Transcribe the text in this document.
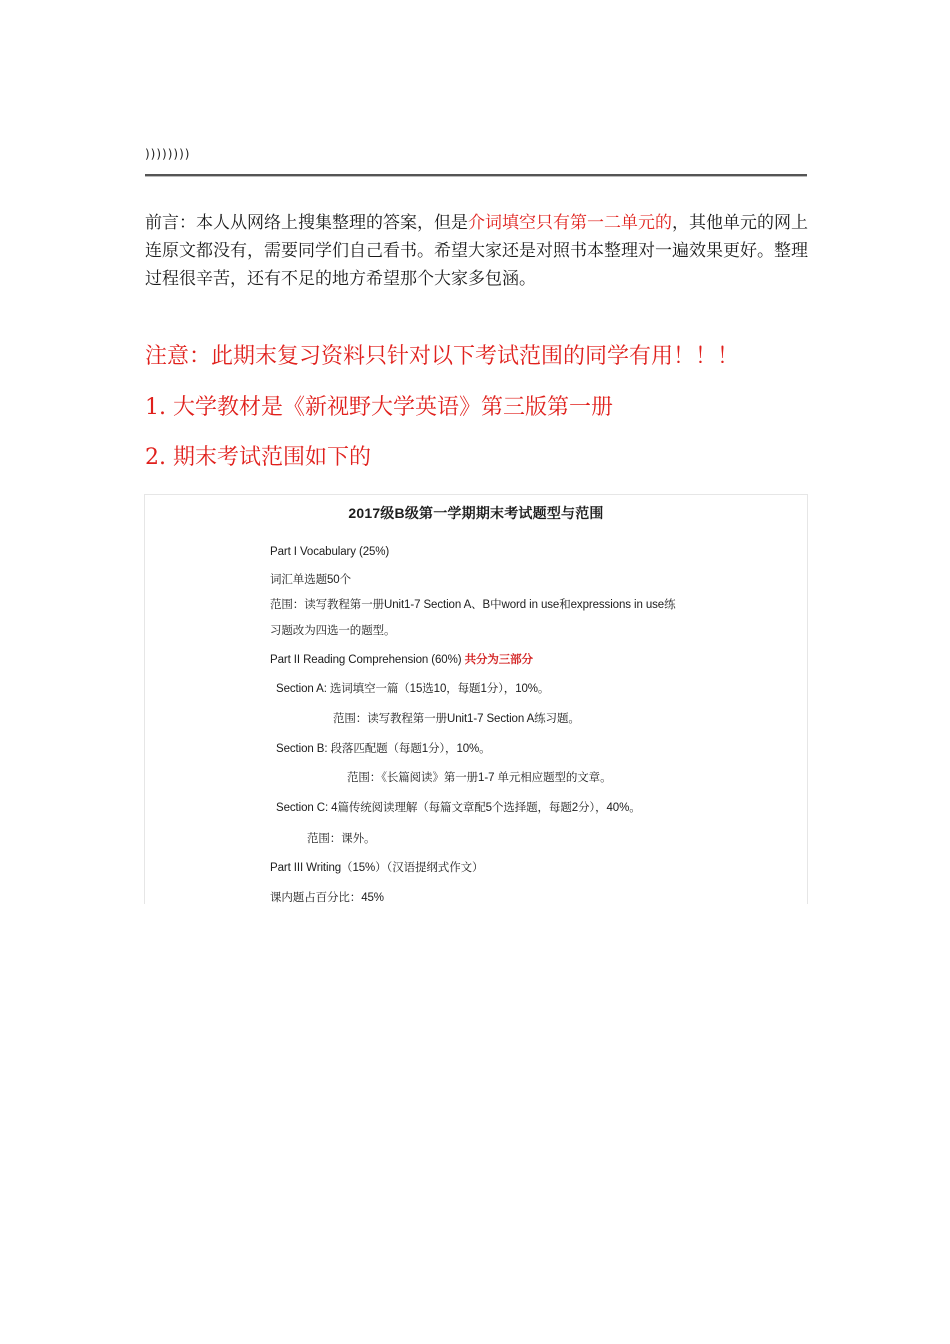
))))))))
前言：本人从网络上搜集整理的答案，但是介词填空只有第一二单元的，其他单元的网上连原文都没有，需要同学们自己看书。希望大家还是对照书本整理对一遍效果更好。整理过程很辛苦，还有不足的地方希望那个大家多包涵。
注意：此期末复习资料只针对以下考试范围的同学有用！！！
1. 大学教材是《新视野大学英语》第三版第一册
2. 期末考试范围如下的
2017级B级第一学期期末考试题型与范围
Part I Vocabulary (25%)
词汇单选题50个
范围：读写教程第一册Unit1-7 Section A、B中word in use和expressions in use练
习题改为四选一的题型。
Part II Reading Comprehension (60%) 共分为三部分
Section A: 选词填空一篇（15选10，每题1分），10%。
范围：读写教程第一册Unit1-7 Section A练习题。
Section B: 段落匹配题（每题1分），10%。
范围：《长篇阅读》第一册1-7 单元相应题型的文章。
Section C: 4篇传统阅读理解（每篇文章配5个选择题，每题2分），40%。
范围：课外。
Part III Writing（15%）（汉语提纲式作文）
课内题占百分比：45%
